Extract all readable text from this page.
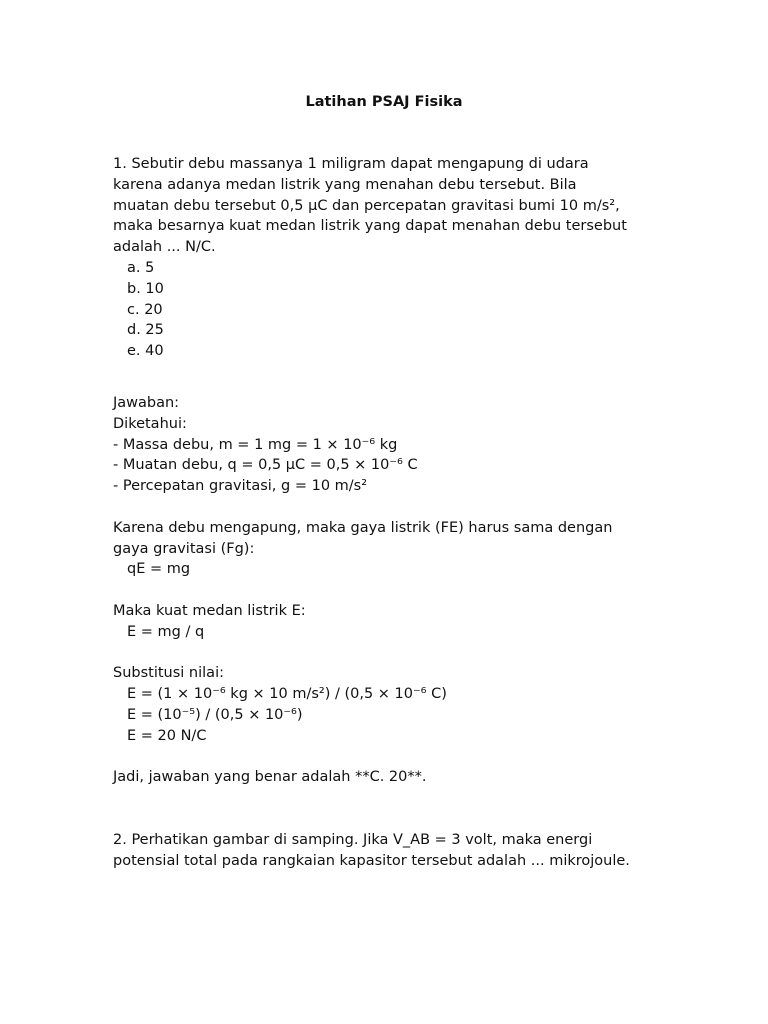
Latihan PSAJ Fisika
1. Sebutir debu massanya 1 miligram dapat mengapung di udara
karena adanya medan listrik yang menahan debu tersebut. Bila
muatan debu tersebut 0,5 µC dan percepatan gravitasi bumi 10 m/s²,
maka besarnya kuat medan listrik yang dapat menahan debu tersebut
adalah ... N/C.
a. 5
b. 10
c. 20
d. 25
e. 40
Jawaban:
Diketahui:
- Massa debu, m = 1 mg = 1 × 10⁻⁶ kg
- Muatan debu, q = 0,5 µC = 0,5 × 10⁻⁶ C
- Percepatan gravitasi, g = 10 m/s²
Karena debu mengapung, maka gaya listrik (FE) harus sama dengan
gaya gravitasi (Fg):
qE = mg
Maka kuat medan listrik E:
E = mg / q
Substitusi nilai:
E = (1 × 10⁻⁶ kg × 10 m/s²) / (0,5 × 10⁻⁶ C)
E = (10⁻⁵) / (0,5 × 10⁻⁶)
E = 20 N/C
Jadi, jawaban yang benar adalah **C. 20**.
2. Perhatikan gambar di samping. Jika V_AB = 3 volt, maka energi
potensial total pada rangkaian kapasitor tersebut adalah ... mikrojoule.
